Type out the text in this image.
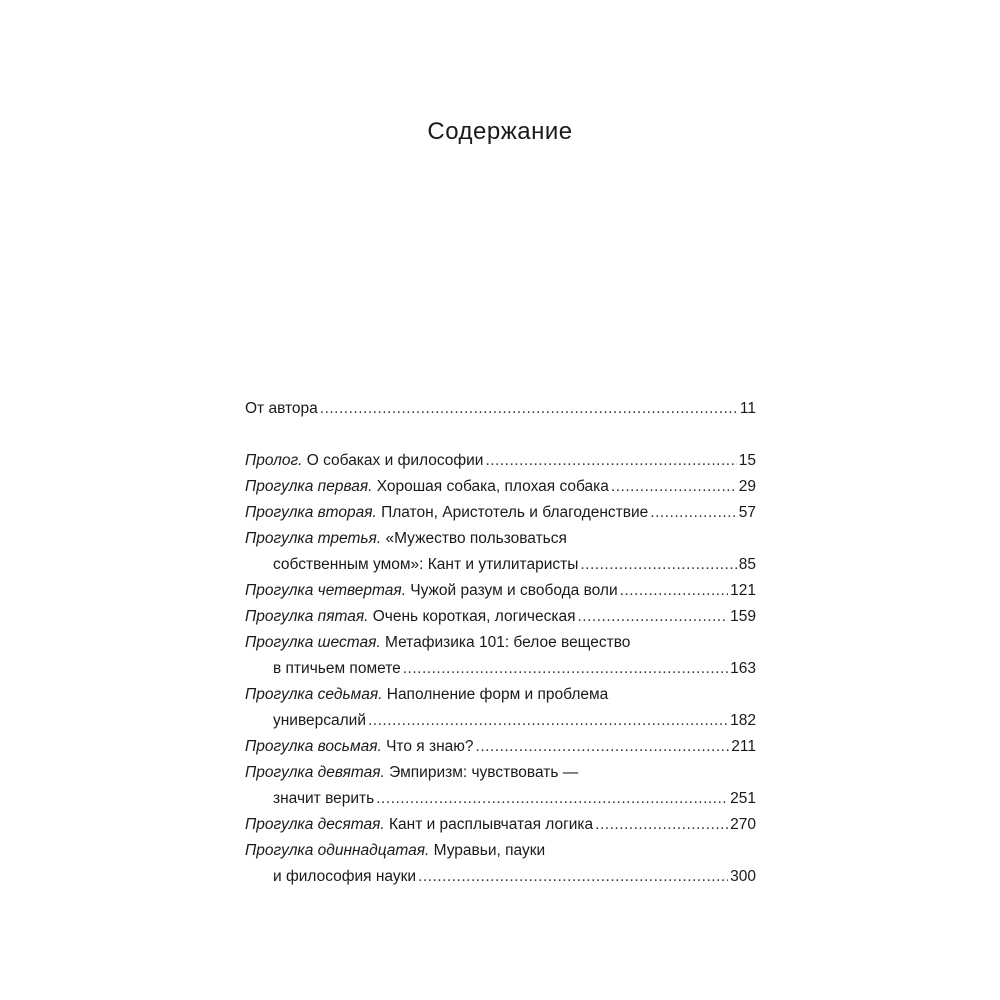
Содержание
От автора .....	11
Пролог. О собаках и философии .....	15
Прогулка первая. Хорошая собака, плохая собака .....	29
Прогулка вторая. Платон, Аристотель и благоденствие .....	57
Прогулка третья. «Мужество пользоваться
собственным умом»: Кант и утилитаристы .....	85
Прогулка четвертая. Чужой разум и свобода воли .....	121
Прогулка пятая. Очень короткая, логическая .....	159
Прогулка шестая. Метафизика 101: белое вещество
в птичьем помете .....	163
Прогулка седьмая. Наполнение форм и проблема
универсалий .....	182
Прогулка восьмая. Что я знаю? .....	211
Прогулка девятая. Эмпиризм: чувствовать —
значит верить .....	251
Прогулка десятая. Кант и расплывчатая логика .....	270
Прогулка одиннадцатая. Муравьи, пауки
и философия науки .....	300
